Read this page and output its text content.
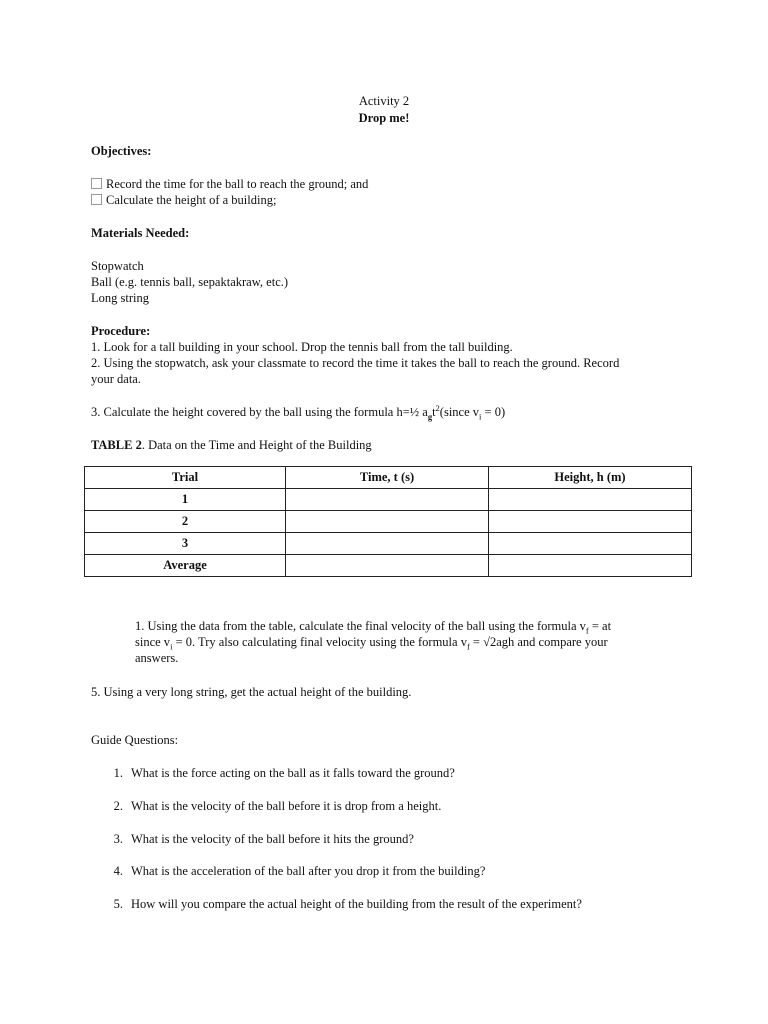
Activity 2
Drop me!
Objectives:
Record the time for the ball to reach the ground; and
Calculate the height of a building;
Materials Needed:
Stopwatch
Ball (e.g. tennis ball, sepaktakraw, etc.)
Long string
Procedure:
1. Look for a tall building in your school. Drop the tennis ball from the tall building.
2. Using the stopwatch, ask your classmate to record the time it takes the ball to reach the ground. Record
your data.
3. Calculate the height covered by the ball using the formula h=½ $a_gt^2(since$ $v_i = 0$)
TABLE 2. Data on the Time and Height of the Building
Trial	Time, t (s)	Height, h (m)
1		
2		
3		
Average		
1. Using the data from the table, calculate the final velocity of the ball using the formula $v_f$ = at
since $v_i = 0$. Try also calculating final velocity using the formula $v_f = √2agh$ and compare your
answers.
5. Using a very long string, get the actual height of the building.
Guide Questions:
1. What is the force acting on the ball as it falls toward the ground?
2. What is the velocity of the ball before it is drop from a height.
3. What is the velocity of the ball before it hits the ground?
4. What is the acceleration of the ball after you drop it from the building?
5. How will you compare the actual height of the building from the result of the experiment?
